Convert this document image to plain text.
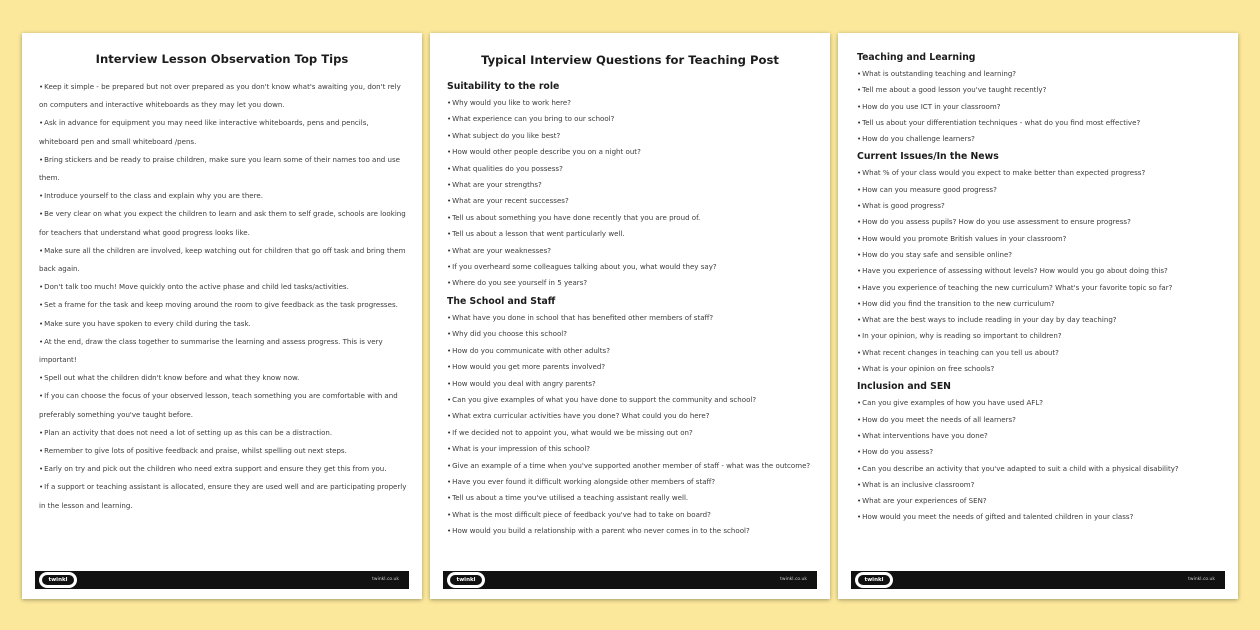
Interview Lesson Observation Top Tips
•Keep it simple - be prepared but not over prepared as you don't know what's awaiting you, don't rely on computers and interactive whiteboards as they may let you down.
•Ask in advance for equipment you may need like interactive whiteboards, pens and pencils, whiteboard pen and small whiteboard /pens.
•Bring stickers and be ready to praise children, make sure you learn some of their names too and use them.
•Introduce yourself to the class and explain why you are there.
•Be very clear on what you expect the children to learn and ask them to self grade, schools are looking for teachers that understand what good progress looks like.
•Make sure all the children are involved, keep watching out for children that go off task and bring them back again.
•Don't talk too much! Move quickly onto the active phase and child led tasks/activities.
•Set a frame for the task and keep moving around the room to give feedback as the task progresses.
•Make sure you have spoken to every child during the task.
•At the end, draw the class together to summarise the learning and assess progress. This is very important!
•Spell out what the children didn't know before and what they know now.
•If you can choose the focus of your observed lesson, teach something you are comfortable with and preferably something you've taught before.
•Plan an activity that does not need a lot of setting up as this can be a distraction.
•Remember to give lots of positive feedback and praise, whilst spelling out next steps.
•Early on try and pick out the children who need extra support and ensure they get this from you.
•If a support or teaching assistant is allocated, ensure they are used well and are participating properly in the lesson and learning.
twinkl	twinkl.co.uk
Typical Interview Questions for Teaching Post
Suitability to the role
•Why would you like to work here?
•What experience can you bring to our school?
•What subject do you like best?
•How would other people describe you on a night out?
•What qualities do you possess?
•What are your strengths?
•What are your recent successes?
•Tell us about something you have done recently that you are proud of.
•Tell us about a lesson that went particularly well.
•What are your weaknesses?
•If you overheard some colleagues talking about you, what would they say?
•Where do you see yourself in 5 years?
The School and Staff
•What have you done in school that has benefited other members of staff?
•Why did you choose this school?
•How do you communicate with other adults?
•How would you get more parents involved?
•How would you deal with angry parents?
•Can you give examples of what you have done to support the community and school?
•What extra curricular activities have you done? What could you do here?
•If we decided not to appoint you, what would we be missing out on?
•What is your impression of this school?
•Give an example of a time when you've supported another member of staff - what was the outcome?
•Have you ever found it difficult working alongside other members of staff?
•Tell us about a time you've utilised a teaching assistant really well.
•What is the most difficult piece of feedback you've had to take on board?
•How would you build a relationship with a parent who never comes in to the school?
twinkl	twinkl.co.uk
Teaching and Learning
•What is outstanding teaching and learning?
•Tell me about a good lesson you've taught recently?
•How do you use ICT in your classroom?
•Tell us about your differentiation techniques - what do you find most effective?
•How do you challenge learners?
Current Issues/In the News
•What % of your class would you expect to make better than expected progress?
•How can you measure good progress?
•What is good progress?
•How do you assess pupils? How do you use assessment to ensure progress?
•How would you promote British values in your classroom?
•How do you stay safe and sensible online?
•Have you experience of assessing without levels? How would you go about doing this?
•Have you experience of teaching the new curriculum? What's your favorite topic so far?
•How did you find the transition to the new curriculum?
•What are the best ways to include reading in your day by day teaching?
•In your opinion, why is reading so important to children?
•What recent changes in teaching can you tell us about?
•What is your opinion on free schools?
Inclusion and SEN
•Can you give examples of how you have used AFL?
•How do you meet the needs of all learners?
•What interventions have you done?
•How do you assess?
•Can you describe an activity that you've adapted to suit a child with a physical disability?
•What is an inclusive classroom?
•What are your experiences of SEN?
•How would you meet the needs of gifted and talented children in your class?
twinkl	twinkl.co.uk
